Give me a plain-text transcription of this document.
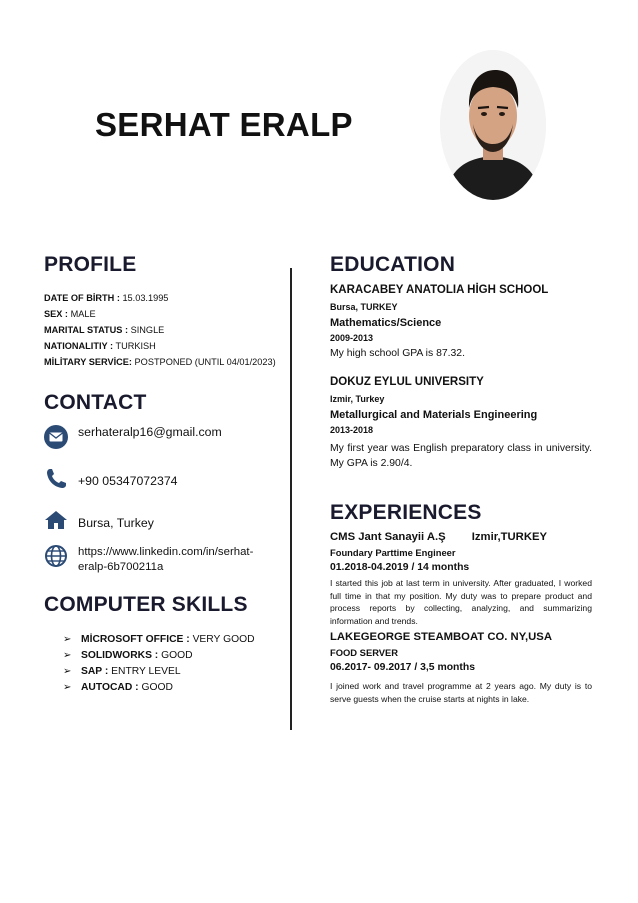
SERHAT ERALP
PROFILE
DATE OF BİRTH : 15.03.1995
SEX : MALE
MARITAL STATUS : SINGLE
NATIONALITIY : TURKISH
MİLİTARY SERVİCE: POSTPONED (UNTIL 04/01/2023)
CONTACT
serhateralp16@gmail.com
+90 05347072374
Bursa, Turkey
https://www.linkedin.com/in/serhat-
eralp-6b700211a
COMPUTER SKILLS
➢ MİCROSOFT OFFICE :
VERY GOOD
➢ SOLIDWORKS :
GOOD
➢ SAP :
ENTRY LEVEL
➢ AUTOCAD :
GOOD
EDUCATION
KARACABEY ANATOLIA HİGH SCHOOL
Bursa, TURKEY
Mathematics/Science
2009-2013
My high school GPA is 87.32.
DOKUZ EYLUL UNIVERSITY
Izmir, Turkey
Metallurgical and Materials Engineering
2013-2018
My first year was English preparatory class in university. My GPA is 2.90/4.
EXPERIENCES
CMS Jant Sanayii A.Ş Izmir,TURKEY
Foundary Parttime Engineer
01.2018-04.2019 / 14 months
I started this job at last term in university. After graduated, I worked full time in that my position. My duty was to prepare product and process reports by collecting, analyzing, and summarizing information and trends.
LAKEGEORGE STEAMBOAT CO. NY,USA
FOOD SERVER
06.2017- 09.2017 / 3,5 months
I joined work and travel programme at 2 years ago. My duty is to serve guests when the cruise starts at nights in lake.
